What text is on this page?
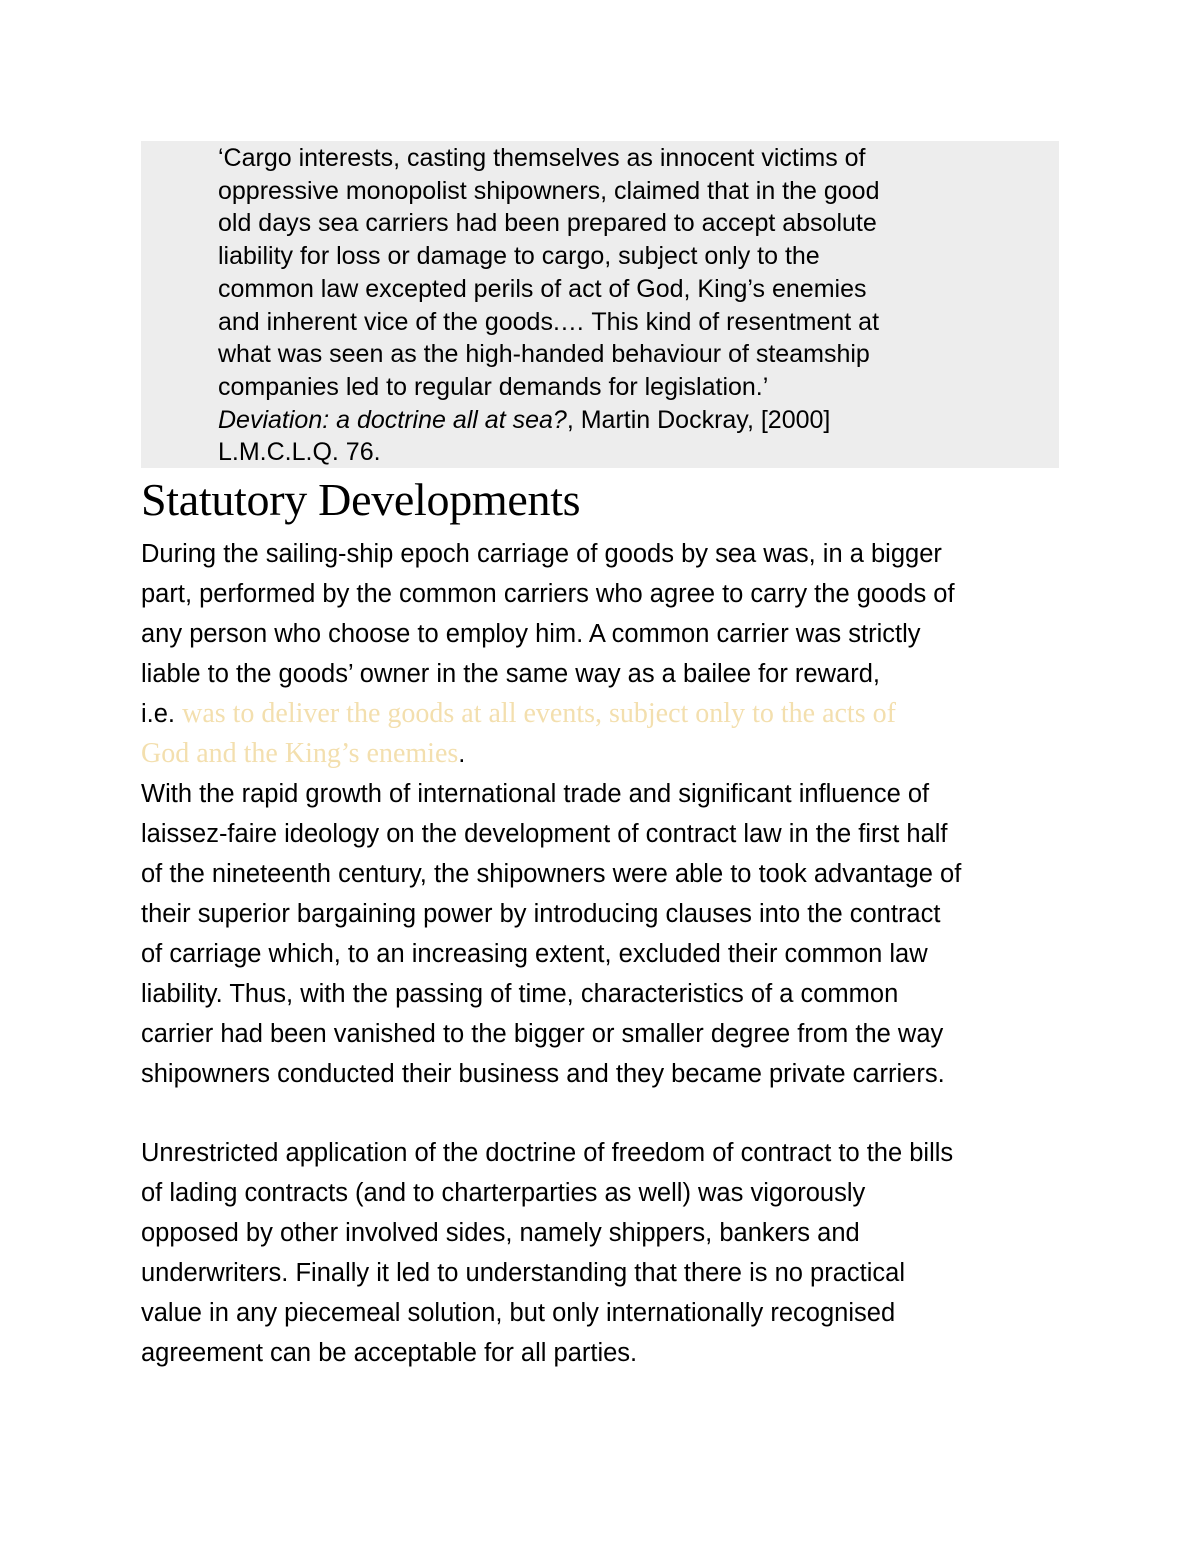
‘Cargo interests, casting themselves as innocent victims of
oppressive monopolist shipowners, claimed that in the good
old days sea carriers had been prepared to accept absolute
liability for loss or damage to cargo, subject only to the
common law excepted perils of act of God, King’s enemies
and inherent vice of the goods.… This kind of resentment at
what was seen as the high-handed behaviour of steamship
companies led to regular demands for legislation.’
Deviation: a doctrine all at sea?, Martin Dockray, [2000]
L.M.C.L.Q. 76.
Statutory Developments
During the sailing-ship epoch carriage of goods by sea was, in a bigger
part, performed by the common carriers who agree to carry the goods of
any person who choose to employ him. A common carrier was strictly
liable to the goods’ owner in the same way as a bailee for reward,
i.e. was to deliver the goods at all events, subject only to the acts of
God and the King’s enemies.
With the rapid growth of international trade and significant influence of
laissez-faire ideology on the development of contract law in the first half
of the nineteenth century, the shipowners were able to took advantage of
their superior bargaining power by introducing clauses into the contract
of carriage which, to an increasing extent, excluded their common law
liability. Thus, with the passing of time, characteristics of a common
carrier had been vanished to the bigger or smaller degree from the way
shipowners conducted their business and they became private carriers.
Unrestricted application of the doctrine of freedom of contract to the bills
of lading contracts (and to charterparties as well) was vigorously
opposed by other involved sides, namely shippers, bankers and
underwriters. Finally it led to understanding that there is no practical
value in any piecemeal solution, but only internationally recognised
agreement can be acceptable for all parties.
